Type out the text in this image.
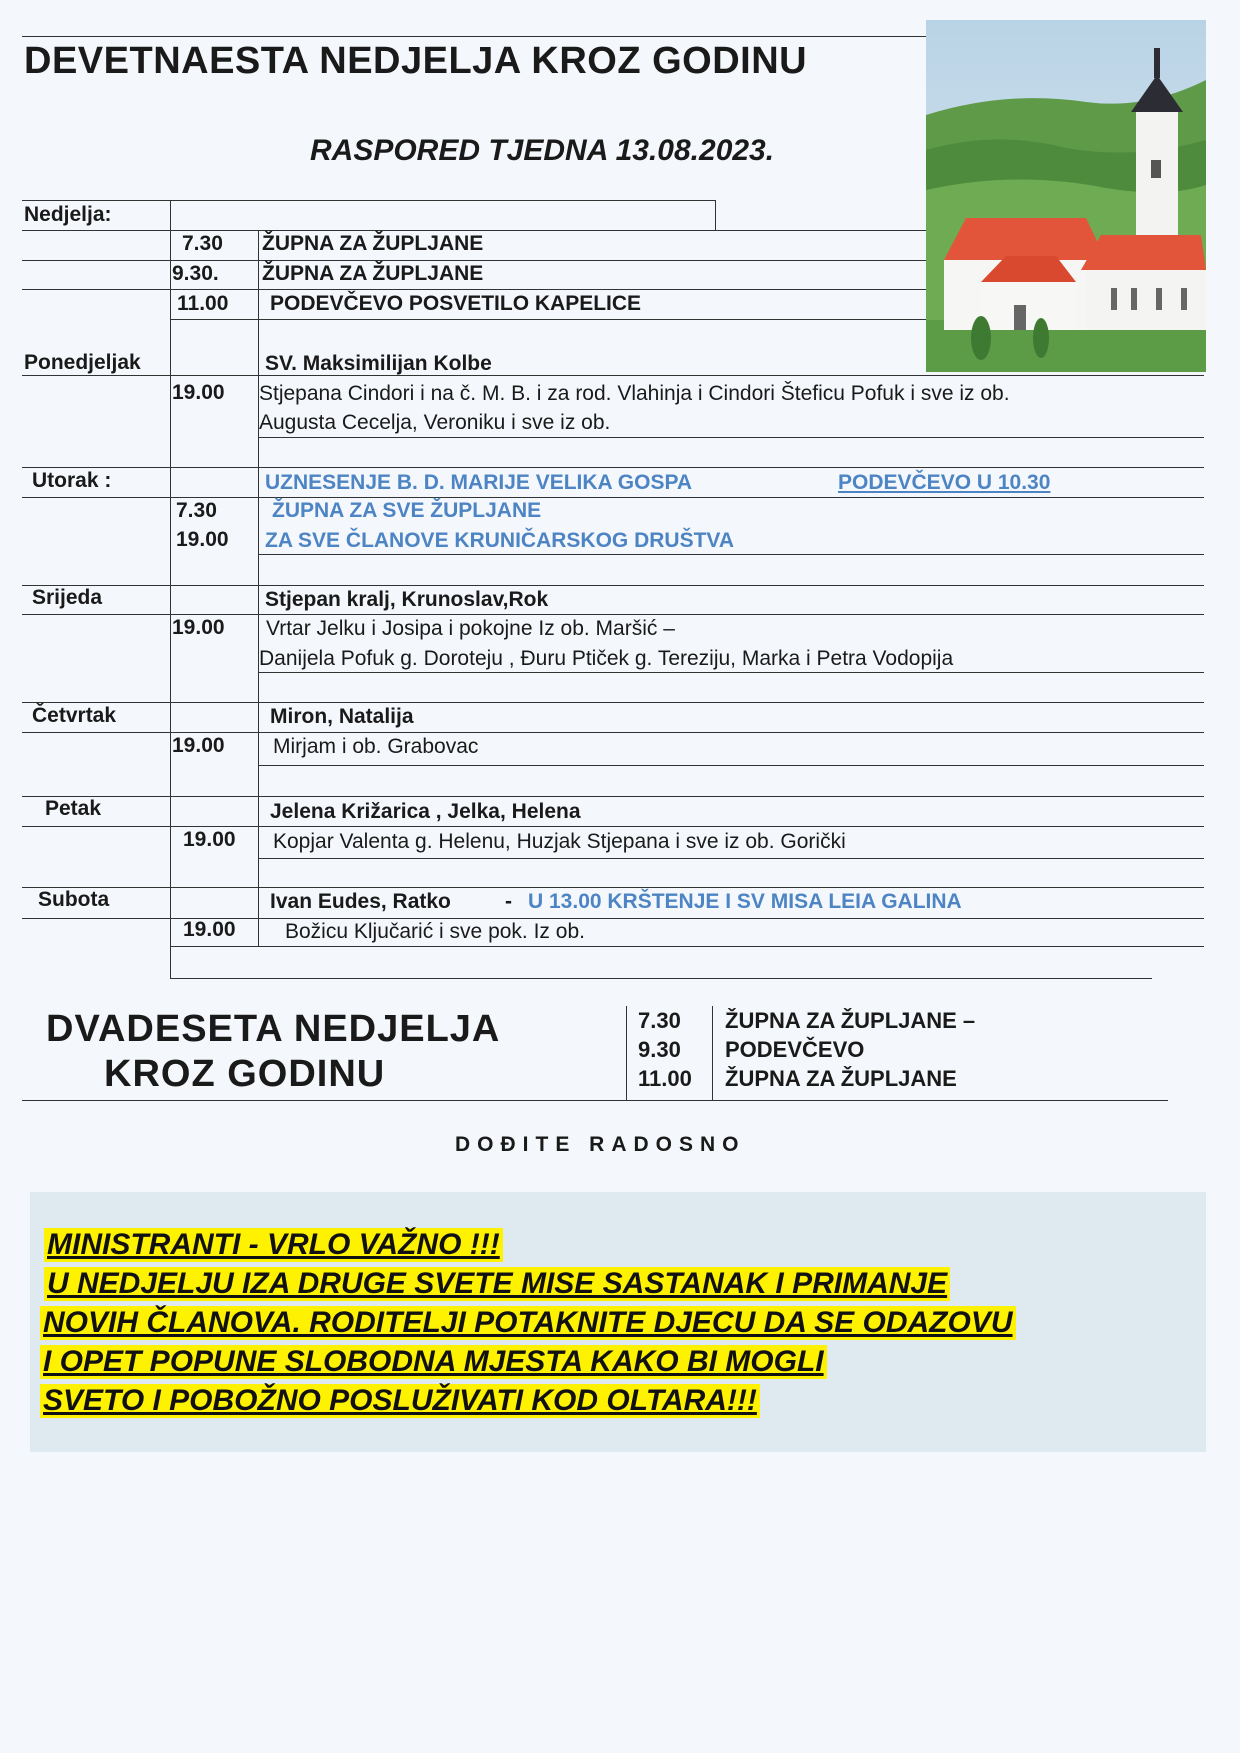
DEVETNAESTA NEDJELJA KROZ GODINU
RASPORED TJEDNA 13.08.2023.
Nedjelja:
7.30 ŽUPNA ZA ŽUPLJANE
9.30. ŽUPNA ZA ŽUPLJANE
11.00 PODEVČEVO POSVETILO KAPELICE
Ponedjeljak	SV. Maksimilijan Kolbe
19.00 Stjepana Cindori i na č. M. B. i za rod. Vlahinja i Cindori Šteficu Pofuk i sve iz ob.
Augusta Cecelja, Veroniku i sve iz ob.
Utorak :	UZNESENJE B. D. MARIJE VELIKA GOSPA	PODEVČEVO U 10.30
7.30	ŽUPNA ZA SVE ŽUPLJANE
19.00 ZA SVE ČLANOVE KRUNIČARSKOG DRUŠTVA
Srijeda	Stjepan kralj, Krunoslav,Rok
19.00 Vrtar Jelku i Josipa i pokojne Iz ob. Maršić –
Danijela Pofuk g. Doroteju , Đuru Ptiček g. Tereziju, Marka i Petra Vodopija
Četvrtak	Miron, Natalija
19.00 Mirjam i ob. Grabovac
Petak	Jelena Križarica , Jelka, Helena
19.00 Kopjar Valenta g. Helenu, Huzjak Stjepana i sve iz ob. Gorički
Subota	Ivan Eudes, Ratko	- U 13.00 KRŠTENJE I SV MISA LEIA GALINA
19.00 Božicu Ključarić i sve pok. Iz ob.
DVADESETA NEDJELJA
KROZ GODINU
7.30 ŽUPNA ZA ŽUPLJANE –
9.30 PODEVČEVO
11.00 ŽUPNA ZA ŽUPLJANE
DOĐITE RADOSNO
MINISTRANTI - VRLO VAŽNO !!!
U NEDJELJU IZA DRUGE SVETE MISE SASTANAK I PRIMANJE
NOVIH ČLANOVA. RODITELJI POTAKNITE DJECU DA SE ODAZOVU
I OPET POPUNE SLOBODNA MJESTA KAKO BI MOGLI
SVETO I POBOŽNO POSLUŽIVATI KOD OLTARA!!!
